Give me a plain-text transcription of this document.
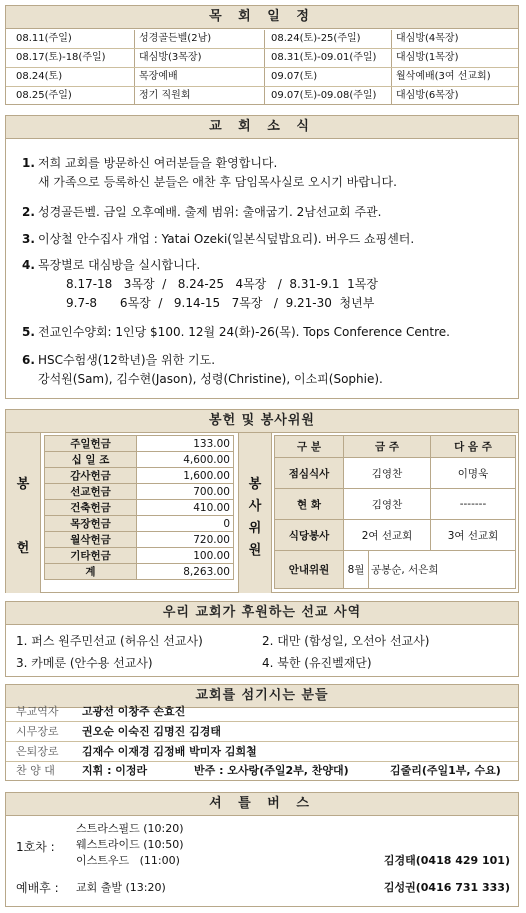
목 회 일 정
08.11(주일)	성경골든벨(2남)	08.24(토)-25(주일)	대심방(4목장)
08.17(토)-18(주일)	대심방(3목장)	08.31(토)-09.01(주일) 대심방(1목장)
08.24(토)	목장예배	09.07(토)	월삭예배(3여 선교회)
08.25(주일)	정기 직원회	09.07(토)-09.08(주일) 대심방(6목장)
교 회 소 식
1. 저희 교회를 방문하신 여러분들을 환영합니다.
새 가족으로 등록하신 분들은 애찬 후 담임목사실로 오시기 바랍니다.
2. 성경골든벨. 금일 오후예배. 출제 범위: 출애굽기. 2남선교회 주관.
3. 이상철 안수집사 개업 : Yatai Ozeki(일본식덮밥요리). 버우드 쇼핑센터.
4. 목장별로 대심방을 실시합니다.
8.17-18   3목장  /   8.24-25   4목장   /  8.31-9.1  1목장
9.7-8      6목장  /   9.14-15   7목장   /  9.21-30  청년부
5. 전교인수양회: 1인당 $100. 12월 24(화)-26(목). Tops Conference Centre.
6. HSC수험생(12학년)을 위한 기도.
강석원(Sam), 김수현(Jason), 성령(Christine), 이소피(Sophie).
봉헌 및 봉사위원
봉
헌
주일헌금	133.00
십 일 조	4,600.00
감사헌금	1,600.00
선교헌금	700.00
건축헌금	410.00
목장헌금	0
월삭헌금	720.00
기타헌금	100.00
계	8,263.00
봉
사
위
원
구 분	금 주		다 음 주
점심식사	김영찬		이명욱
현 화	김영찬		-------
식당봉사	2여 선교회		3여 선교회
안내위원	8월	공봉순, 서은희	
우리 교회가 후원하는 선교 사역
1. 퍼스 원주민선교 (허유신 선교사)	2. 대만 (함성일, 오선아 선교사)
3. 카메룬 (안수용 선교사)	4. 북한 (유진벨재단)
교회를 섬기시는 분들
부교역자 고광선 이창주 손효진
시무장로 권오순 이숙진 김명진 김경태
은퇴장로 김재수 이재경 김정배 박미자 김희철
찬 양 대 지휘 : 이정라	반주 : 오사랑(주일2부, 찬양대)	김줄리(주일1부, 수요)
셔 틀 버 스
1호차 :
스트라스필드 (10:20)
웨스트라이드 (10:50)
이스트우드   (11:00)	김경태(0418 429 101)
예배후 : 교회 출발 (13:20)	김성권(0416 731 333)
